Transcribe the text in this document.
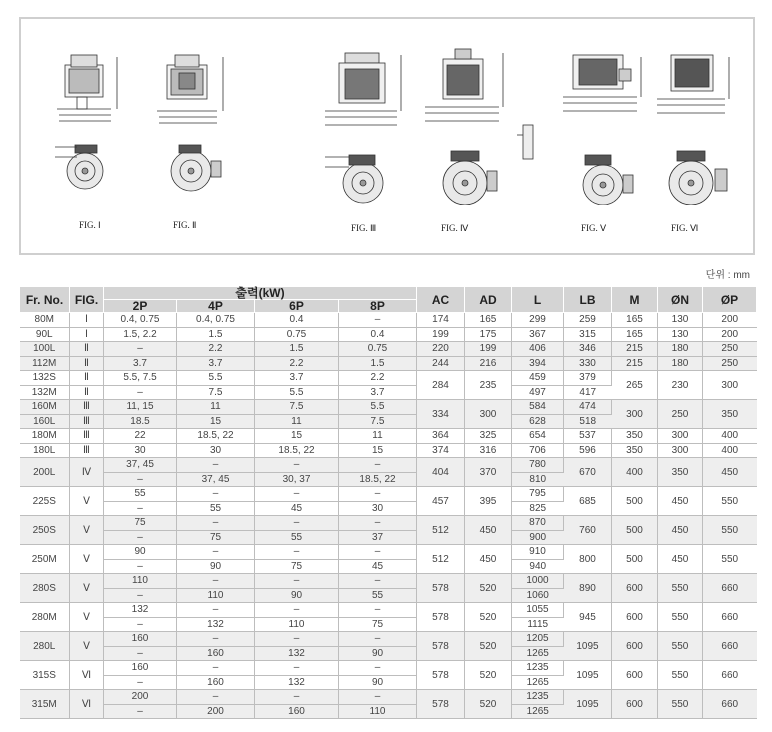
FIG. Ⅰ	FIG. Ⅱ	FIG. Ⅲ	FIG. Ⅳ	FIG. Ⅴ	FIG. Ⅵ
단위 : mm
Fr. No.	FIG.	출력(kW)				AC	AD	L	LB	M	ØN	ØP
		2P	4P	6P	8P							
80M	Ⅰ	0.4, 0.75	0.4, 0.75	0.4	–	174	165	299	259	165	130	200
90L	Ⅰ	1.5, 2.2	1.5	0.75	0.4	199	175	367	315	165	130	200
100L	Ⅱ	–	2.2	1.5	0.75	220	199	406	346	215	180	250
112M	Ⅱ	3.7	3.7	2.2	1.5	244	216	394	330	215	180	250
132S	Ⅱ	5.5, 7.5	5.5	3.7	2.2	284	235	459	379	265	230	300
132M	Ⅱ	–	7.5	5.5	3.7			497	417			
160M	Ⅲ	11, 15	11	7.5	5.5	334	300	584	474	300	250	350
160L	Ⅲ	18.5	15	11	7.5			628	518			
180M	Ⅲ	22	18.5, 22	15	11	364	325	654	537	350	300	400
180L	Ⅲ	30	30	18.5, 22	15	374	316	706	596	350	300	400
200L	Ⅳ	37, 45	–	–	–	404	370	780	670	400	350	450
		–	37, 45	30, 37	18.5, 22			810				
225S	Ⅴ	55	–	–	–	457	395	795	685	500	450	550
		–	55	45	30			825				
250S	Ⅴ	75	–	–	–	512	450	870	760	500	450	550
		–	75	55	37			900				
250M	Ⅴ	90	–	–	–	512	450	910	800	500	450	550
		–	90	75	45			940				
280S	Ⅴ	110	–	–	–	578	520	1000	890	600	550	660
		–	110	90	55			1060				
280M	Ⅴ	132	–	–	–	578	520	1055	945	600	550	660
		–	132	110	75			1115				
280L	Ⅴ	160	–	–	–	578	520	1205	1095	600	550	660
		–	160	132	90			1265				
315S	Ⅵ	160	–	–	–	578	520	1235	1095	600	550	660
		–	160	132	90			1265				
315M	Ⅵ	200	–	–	–	578	520	1235	1095	600	550	660
		–	200	160	110			1265				
